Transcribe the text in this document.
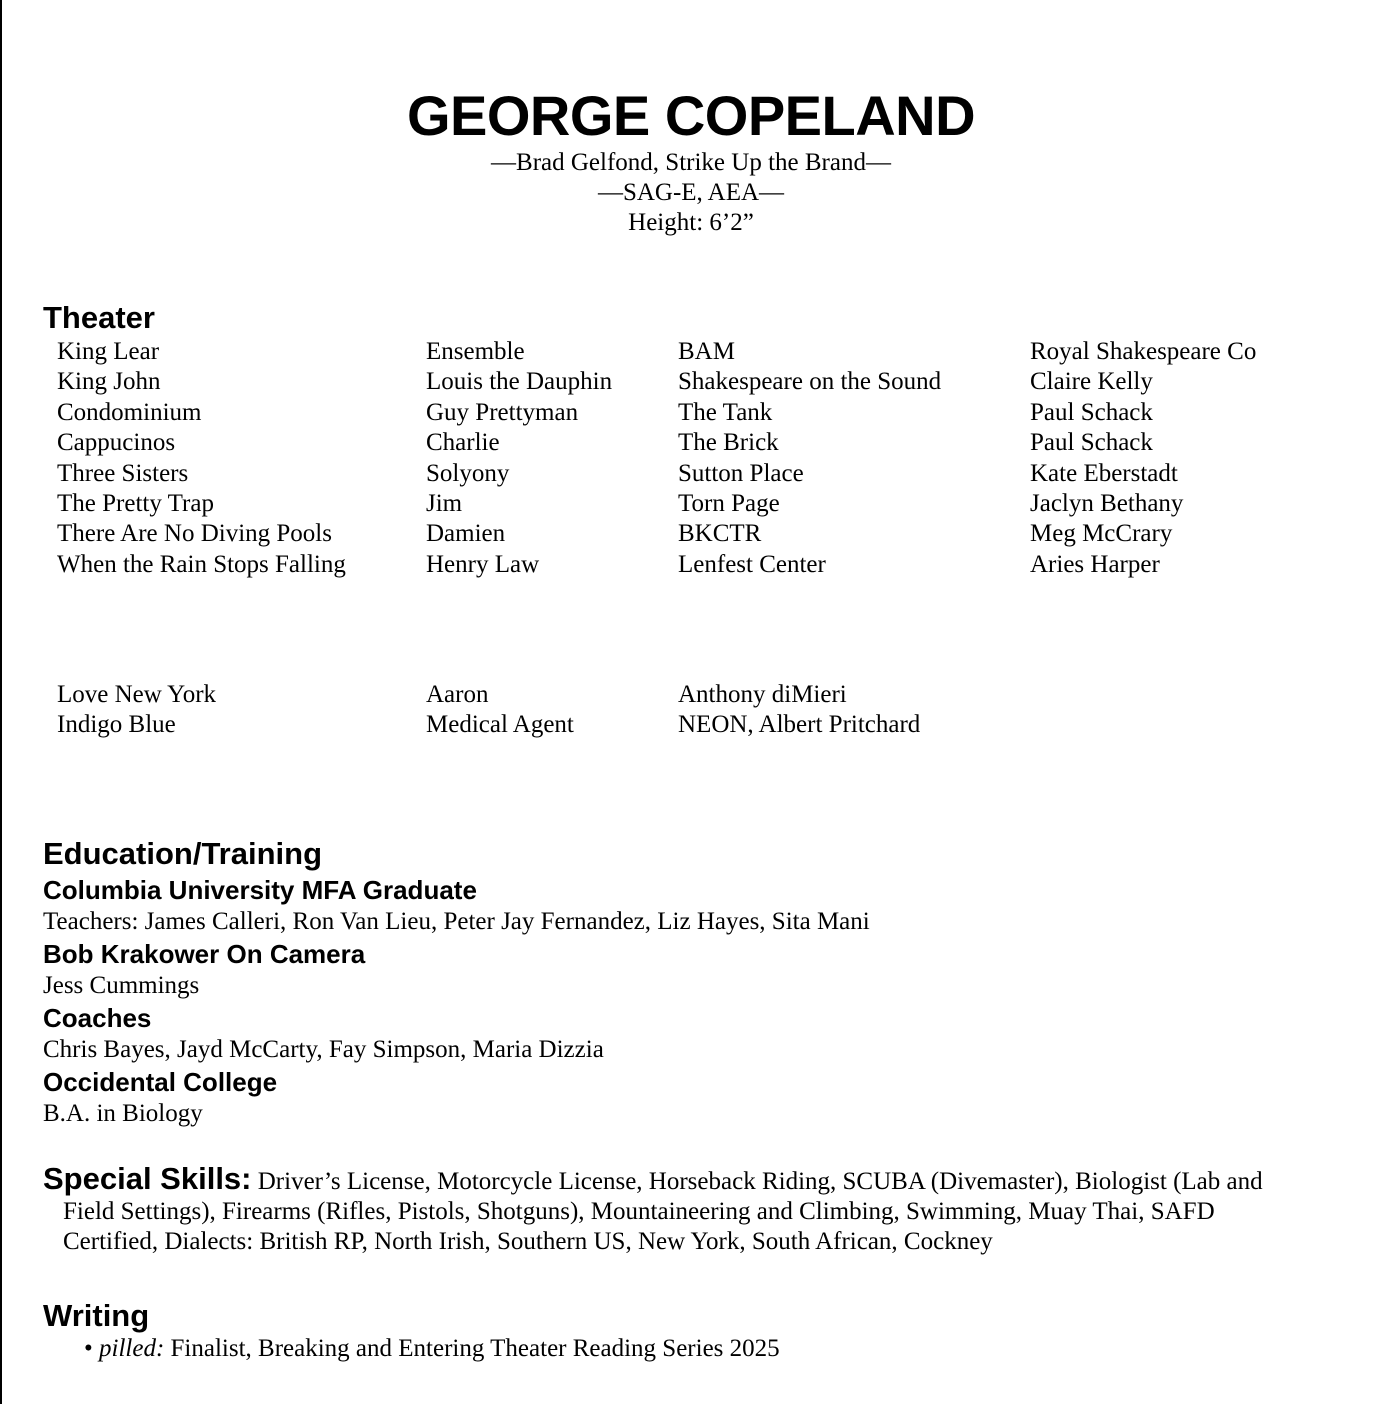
GEORGE COPELAND
—Brad Gelfond, Strike Up the Brand—
—SAG-E, AEA—
Height: 6’2”
Theater
King Lear	Ensemble	BAM	Royal Shakespeare Co
King John	Louis the Dauphin	Shakespeare on the Sound	Claire Kelly
Condominium	Guy Prettyman	The Tank	Paul Schack
Cappucinos	Charlie	The Brick	Paul Schack
Three Sisters	Solyony	Sutton Place	Kate Eberstadt
The Pretty Trap	Jim	Torn Page	Jaclyn Bethany
There Are No Diving Pools	Damien	BKCTR	Meg McCrary
When the Rain Stops Falling	Henry Law	Lenfest Center	Aries Harper
Love New York	Aaron	Anthony diMieri
Indigo Blue	Medical Agent	NEON, Albert Pritchard
Education/Training
Columbia University MFA Graduate
Teachers: James Calleri, Ron Van Lieu, Peter Jay Fernandez, Liz Hayes, Sita Mani
Bob Krakower On Camera
Jess Cummings
Coaches
Chris Bayes, Jayd McCarty, Fay Simpson, Maria Dizzia
Occidental College
B.A. in Biology
Special Skills: Driver’s License, Motorcycle License, Horseback Riding, SCUBA (Divemaster), Biologist (Lab and
Field Settings), Firearms (Rifles, Pistols, Shotguns), Mountaineering and Climbing, Swimming, Muay Thai, SAFD
Certified, Dialects: British RP, North Irish, Southern US, New York, South African, Cockney
Writing
• pilled: Finalist, Breaking and Entering Theater Reading Series 2025
